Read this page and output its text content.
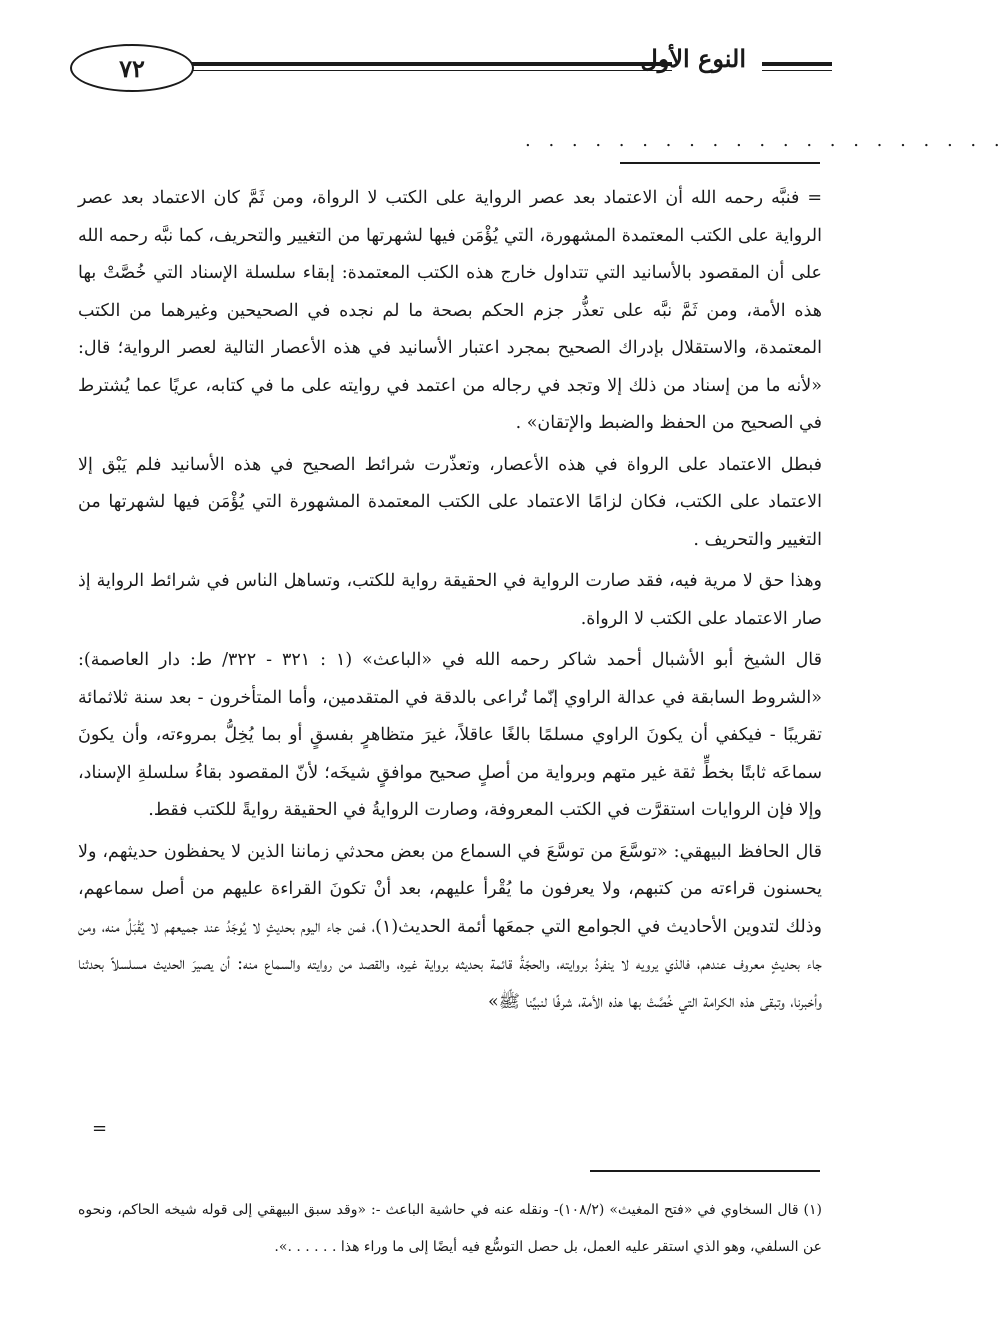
٧٢	النوع الأول
. . . . . . . . . . . . . . . . . . . . .

= فنبَّه رحمه الله أن الاعتماد بعد عصر الرواية على الكتب لا الرواة، ومن ثَمَّ كان الاعتماد بعد عصر الرواية على الكتب المعتمدة المشهورة، التي يُؤْمَن فيها لشهرتها من التغيير والتحريف، كما نبَّه رحمه الله على أن المقصود بالأسانيد التي تتداول خارج هذه الكتب المعتمدة: إبقاء سلسلة الإسناد التي خُصَّتْ بها هذه الأمة، ومن ثَمَّ نبَّه على تعذُّر جزم الحكم بصحة ما لم نجده في الصحيحين وغيرهما من الكتب المعتمدة، والاستقلال بإدراك الصحيح بمجرد اعتبار الأسانيد في هذه الأعصار التالية لعصر الرواية؛ قال: «لأنه ما من إسناد من ذلك إلا وتجد في رجاله من اعتمد في روايته على ما في كتابه، عريًا عما يُشترط في الصحيح من الحفظ والضبط والإتقان» .

فبطل الاعتماد على الرواة في هذه الأعصار، وتعذّرت شرائط الصحيح في هذه الأسانيد فلم يَبْق إلا الاعتماد على الكتب، فكان لزامًا الاعتماد على الكتب المعتمدة المشهورة التي يُؤْمَن فيها لشهرتها من التغيير والتحريف .

وهذا حق لا مرية فيه، فقد صارت الرواية في الحقيقة رواية للكتب، وتساهل الناس في شرائط الرواية إذ صار الاعتماد على الكتب لا الرواة.

قال الشيخ أبو الأشبال أحمد شاكر رحمه الله في «الباعث» (١ : ٣٢١ - ٣٢٢/ ط: دار العاصمة): «الشروط السابقة في عدالة الراوي إنّما تُراعى بالدقة في المتقدمين، وأما المتأخرون - بعد سنة ثلاثمائة تقريبًا - فيكفي أن يكونَ الراوي مسلمًا بالغًا عاقلاً، غيرَ متظاهرٍ بفسقٍ أو بما يُخِلُّ بمروءته، وأن يكونَ سماعَه ثابتًا بخطٍّ ثقة غير متهم وبرواية من أصلٍ صحيح موافقٍ شيخَه؛ لأنّ المقصود بقاءُ سلسلةِ الإسناد، وإلا فإن الروايات استقرَّت في الكتب المعروفة، وصارت الروايةُ في الحقيقة روايةً للكتب فقط.

قال الحافظ البيهقي: «توسَّعَ من توسَّعَ في السماع من بعض محدثي زماننا الذين لا يحفظون حديثهم، ولا يحسنون قراءته من كتبهم، ولا يعرفون ما يُقْرأ عليهم، بعد أنْ تكونَ القراءة عليهم من أصل سماعهم، وذلك لتدوين الأحاديث في الجوامع التي جمعَها أئمة الحديث(١)، فمن جاء اليوم بحديثٍ لا يُوجَدُ عند جميعهم لا يُقْبَلُ منه، ومن جاء بحديثٍ معروف عندهم، فالذي يرويه لا ينفردُ بروايته، والحجّةُ قائمة بحديثه برواية غيره، والقصد من روايته والسماع منه: أن يصيرَ الحديث مسلسلاً بحدثنا وأخبرنا، وتبقى هذه الكرامة التي خُصَّتْ بها هذه الأمة، شرفًا لنبيِّنا ﷺ»

=

(١) قال السخاوي في «فتح المغيث» (١٠٨/٢)- ونقله عنه في حاشية الباعث -: «وقد سبق البيهقي إلى قوله شيخه الحاكم، ونحوه عن السلفي، وهو الذي استقر عليه العمل، بل حصل التوسُّع فيه أيضًا إلى ما وراء هذا . . . . . .».
